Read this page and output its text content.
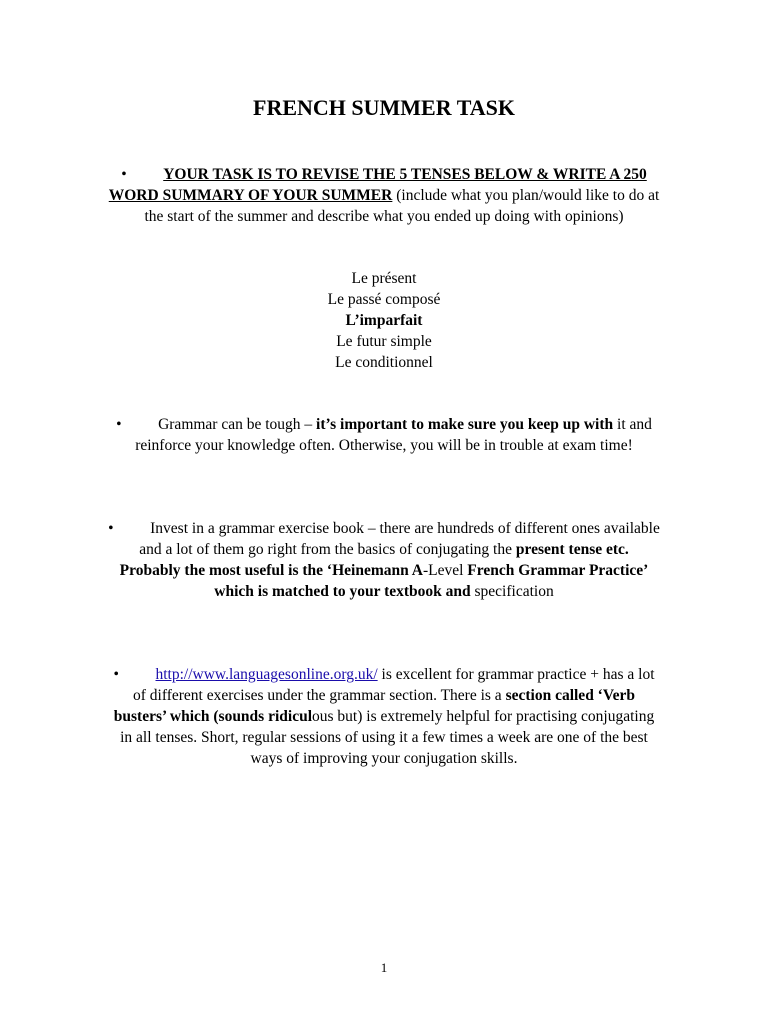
FRENCH SUMMER TASK
• YOUR TASK IS TO REVISE THE 5 TENSES BELOW & WRITE A 250 WORD SUMMARY OF YOUR SUMMER (include what you plan/would like to do at the start of the summer and describe what you ended up doing with opinions)
Le présent
Le passé composé
L’imparfait
Le futur simple
Le conditionnel
• Grammar can be tough – it’s important to make sure you keep up with it and reinforce your knowledge often. Otherwise, you will be in trouble at exam time!
• Invest in a grammar exercise book – there are hundreds of different ones available and a lot of them go right from the basics of conjugating the present tense etc. Probably the most useful is the ‘Heinemann A-Level French Grammar Practice’ which is matched to your textbook and specification
• http://www.languagesonline.org.uk/ is excellent for grammar practice + has a lot of different exercises under the grammar section. There is a section called ‘Verb busters’ which (sounds ridiculous but) is extremely helpful for practising conjugating in all tenses. Short, regular sessions of using it a few times a week are one of the best ways of improving your conjugation skills.
1
